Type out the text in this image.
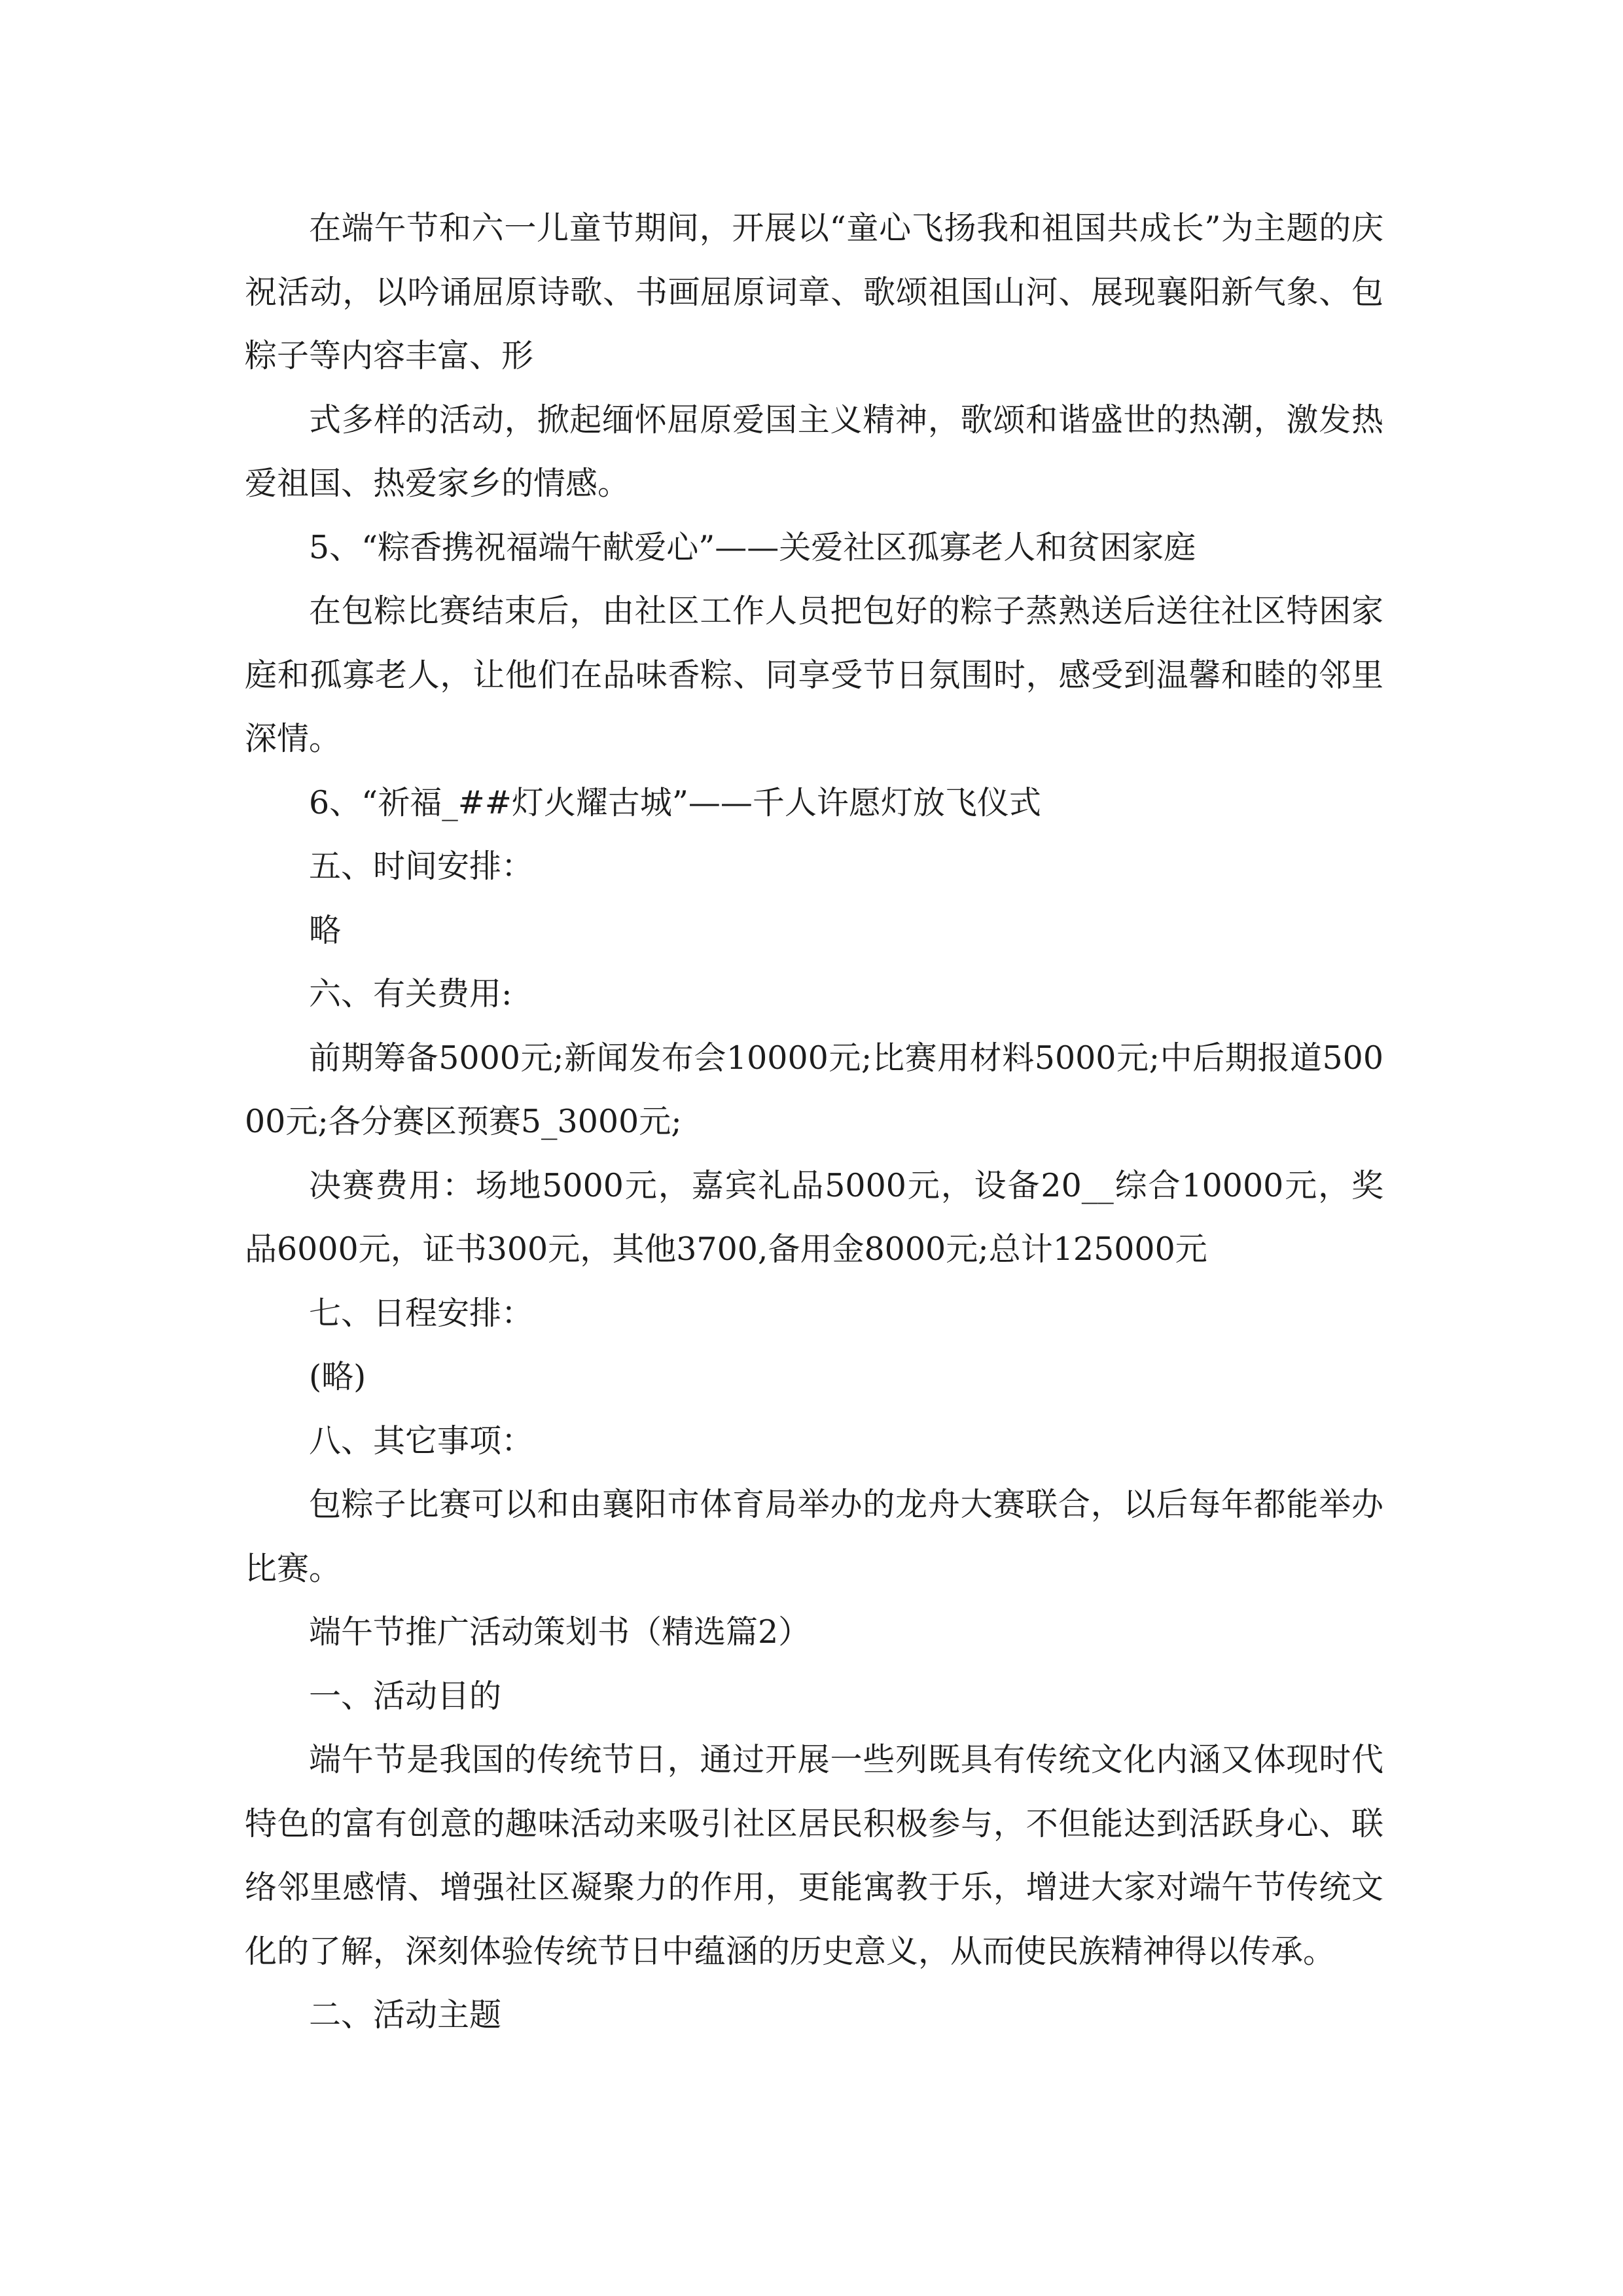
在端午节和六一儿童节期间，开展以“童心飞扬我和祖国共成长”为主题的庆祝活动，以吟诵屈原诗歌、书画屈原词章、歌颂祖国山河、展现襄阳新气象、包粽子等内容丰富、形

式多样的活动，掀起缅怀屈原爱国主义精神，歌颂和谐盛世的热潮，激发热爱祖国、热爱家乡的情感。

5、“粽香携祝福端午献爱心”——关爱社区孤寡老人和贫困家庭

在包粽比赛结束后，由社区工作人员把包好的粽子蒸熟送后送往社区特困家庭和孤寡老人，让他们在品味香粽、同享受节日氛围时，感受到温馨和睦的邻里深情。

6、“祈福_##灯火耀古城”——千人许愿灯放飞仪式

五、时间安排：

略

六、有关费用:

前期筹备5000元;新闻发布会10000元;比赛用材料5000元;中后期报道50000元;各分赛区预赛5_3000元;

决赛费用：场地5000元，嘉宾礼品5000元，设备20__综合10000元，奖品6000元，证书300元，其他3700,备用金8000元;总计125000元

七、日程安排：

(略)

八、其它事项：

包粽子比赛可以和由襄阳市体育局举办的龙舟大赛联合，以后每年都能举办比赛。

端午节推广活动策划书（精选篇2）

一、活动目的

端午节是我国的传统节日，通过开展一些列既具有传统文化内涵又体现时代特色的富有创意的趣味活动来吸引社区居民积极参与，不但能达到活跃身心、联络邻里感情、增强社区凝聚力的作用，更能寓教于乐，增进大家对端午节传统文化的了解，深刻体验传统节日中蕴涵的历史意义，从而使民族精神得以传承。

二、活动主题
